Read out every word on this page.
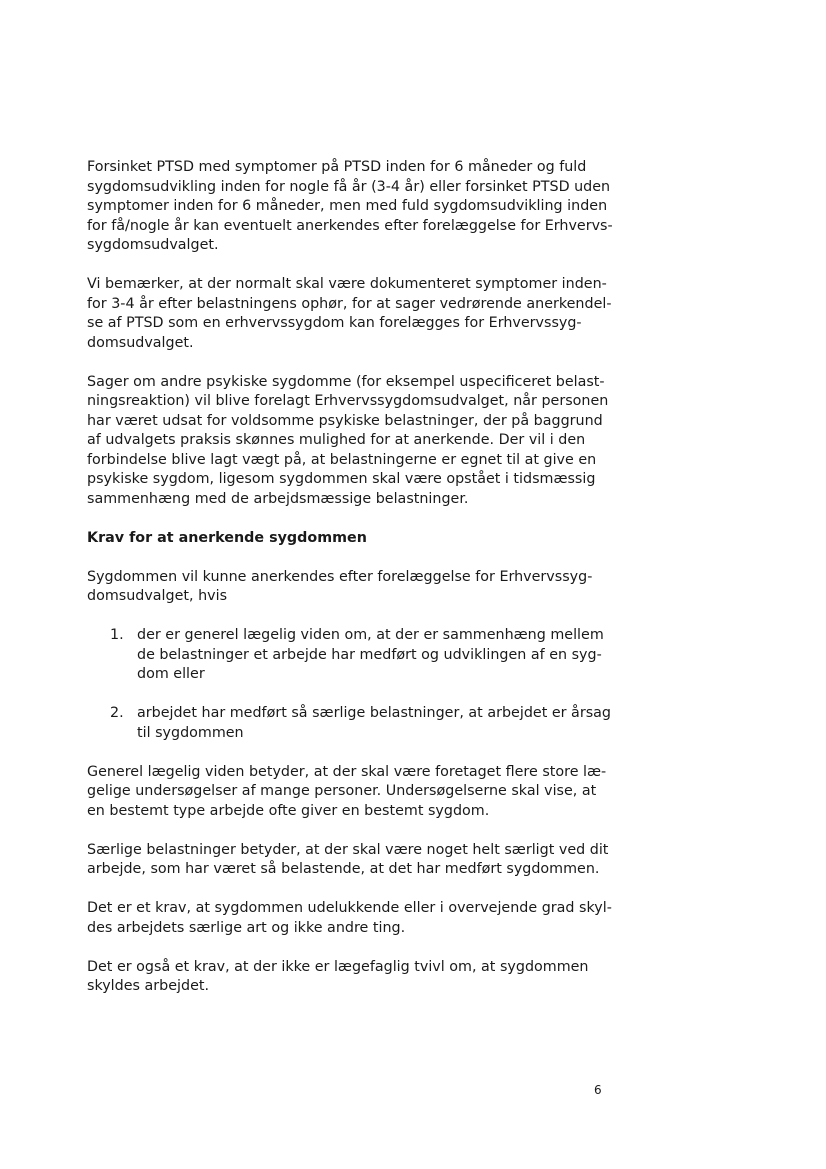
Forsinket PTSD med symptomer på PTSD inden for 6 måneder og fuld
sygdomsudvikling inden for nogle få år (3-4 år) eller forsinket PTSD uden
symptomer inden for 6 måneder, men med fuld sygdomsudvikling inden
for få/nogle år kan eventuelt anerkendes efter forelæggelse for Erhvervs-
sygdomsudvalget.
Vi bemærker, at der normalt skal være dokumenteret symptomer inden-
for 3-4 år efter belastningens ophør, for at sager vedrørende anerkendel-
se af PTSD som en erhvervssygdom kan forelægges for Erhvervssyg-
domsudvalget.
Sager om andre psykiske sygdomme (for eksempel uspecificeret belast-
ningsreaktion) vil blive forelagt Erhvervssygdomsudvalget, når personen
har været udsat for voldsomme psykiske belastninger, der på baggrund
af udvalgets praksis skønnes mulighed for at anerkende. Der vil i den
forbindelse blive lagt vægt på, at belastningerne er egnet til at give en
psykiske sygdom, ligesom sygdommen skal være opstået i tidsmæssig
sammenhæng med de arbejdsmæssige belastninger.
Krav for at anerkende sygdommen
Sygdommen vil kunne anerkendes efter forelæggelse for Erhvervssyg-
domsudvalget, hvis
1. der er generel lægelig viden om, at der er sammenhæng mellem
de belastninger et arbejde har medført og udviklingen af en syg-
dom eller
2. arbejdet har medført så særlige belastninger, at arbejdet er årsag
til sygdommen
Generel lægelig viden betyder, at der skal være foretaget flere store læ-
gelige undersøgelser af mange personer. Undersøgelserne skal vise, at
en bestemt type arbejde ofte giver en bestemt sygdom.
Særlige belastninger betyder, at der skal være noget helt særligt ved dit
arbejde, som har været så belastende, at det har medført sygdommen.
Det er et krav, at sygdommen udelukkende eller i overvejende grad skyl-
des arbejdets særlige art og ikke andre ting.
Det er også et krav, at der ikke er lægefaglig tvivl om, at sygdommen
skyldes arbejdet.
6
